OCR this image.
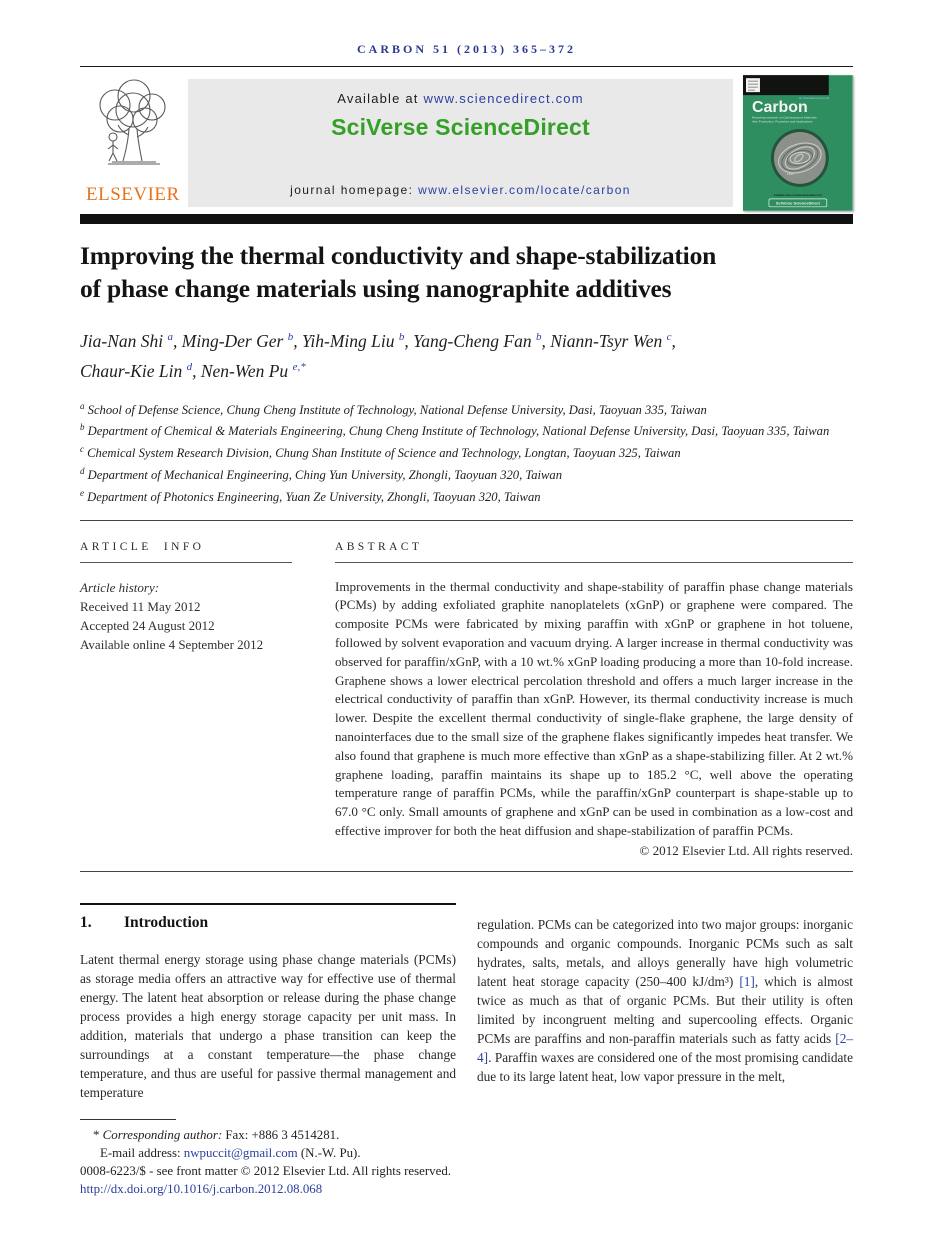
CARBON 51 (2013) 365–372
ELSEVIER
Available at www.sciencedirect.com
SciVerse ScienceDirect
journal homepage: www.elsevier.com/locate/carbon
Carbon
an international journal
Reporting research on Carbonaceous Materials
their Production, Properties and Applications
15kV
Available online at www.sciencedirect.com
SciVerse ScienceDirect
Improving the thermal conductivity and shape-stabilization
of phase change materials using nanographite additives
Jia-Nan Shi $^a$, Ming-Der Ger $^b$, Yih-Ming Liu $^b$, Yang-Cheng Fan $^b$, Niann-Tsyr Wen $^c$,
Chaur-Kie Lin $^d$, Nen-Wen Pu $^{e,*}$
$^a$ School of Defense Science, Chung Cheng Institute of Technology, National Defense University, Dasi, Taoyuan 335, Taiwan
$^b$ Department of Chemical & Materials Engineering, Chung Cheng Institute of Technology, National Defense University, Dasi, Taoyuan 335, Taiwan
$^c$ Chemical System Research Division, Chung Shan Institute of Science and Technology, Longtan, Taoyuan 325, Taiwan
$^d$ Department of Mechanical Engineering, Ching Yun University, Zhongli, Taoyuan 320, Taiwan
$^e$ Department of Photonics Engineering, Yuan Ze University, Zhongli, Taoyuan 320, Taiwan
ARTICLE INFO
Article history:
Received 11 May 2012
Accepted 24 August 2012
Available online 4 September 2012
ABSTRACT

Improvements in the thermal conductivity and shape-stability of paraffin phase change materials (PCMs) by adding exfoliated graphite nanoplatelets (xGnP) or graphene were compared. The composite PCMs were fabricated by mixing paraffin with xGnP or graphene in hot toluene, followed by solvent evaporation and vacuum drying. A larger increase in thermal conductivity was observed for paraffin/xGnP, with a 10 wt.% xGnP loading producing a more than 10-fold increase. Graphene shows a lower electrical percolation threshold and offers a much larger increase in the electrical conductivity of paraffin than xGnP. However, its thermal conductivity increase is much lower. Despite the excellent thermal conductivity of single-flake graphene, the large density of nanointerfaces due to the small size of the graphene flakes significantly impedes heat transfer. We also found that graphene is much more effective than xGnP as a shape-stabilizing filler. At 2 wt.% graphene loading, paraffin maintains its shape up to 185.2 °C, well above the operating temperature range of paraffin PCMs, while the paraffin/xGnP counterpart is shape-stable up to 67.0 °C only. Small amounts of graphene and xGnP can be used in combination as a low-cost and effective improver for both the heat diffusion and shape-stabilization of paraffin PCMs.

© 2012 Elsevier Ltd. All rights reserved.
1. Introduction

Latent thermal energy storage using phase change materials (PCMs) as storage media offers an attractive way for effective use of thermal energy. The latent heat absorption or release during the phase change process provides a high energy storage capacity per unit mass. In addition, materials that undergo a phase transition can keep the surroundings at a constant temperature—the phase change temperature, and thus are useful for passive thermal management and temperature

regulation. PCMs can be categorized into two major groups: inorganic compounds and organic compounds. Inorganic PCMs such as salt hydrates, salts, metals, and alloys generally have high volumetric latent heat storage capacity (250–400 kJ/dm³) [1], which is almost twice as much as that of organic PCMs. But their utility is often limited by incongruent melting and supercooling effects. Organic PCMs are paraffins and non-paraffin materials such as fatty acids [2–4]. Paraffin waxes are considered one of the most promising candidate due to its large latent heat, low vapor pressure in the melt,

* Corresponding author: Fax: +886 3 4514281.
E-mail address: nwpuccit@gmail.com (N.-W. Pu).
0008-6223/$ - see front matter © 2012 Elsevier Ltd. All rights reserved.
http://dx.doi.org/10.1016/j.carbon.2012.08.068
